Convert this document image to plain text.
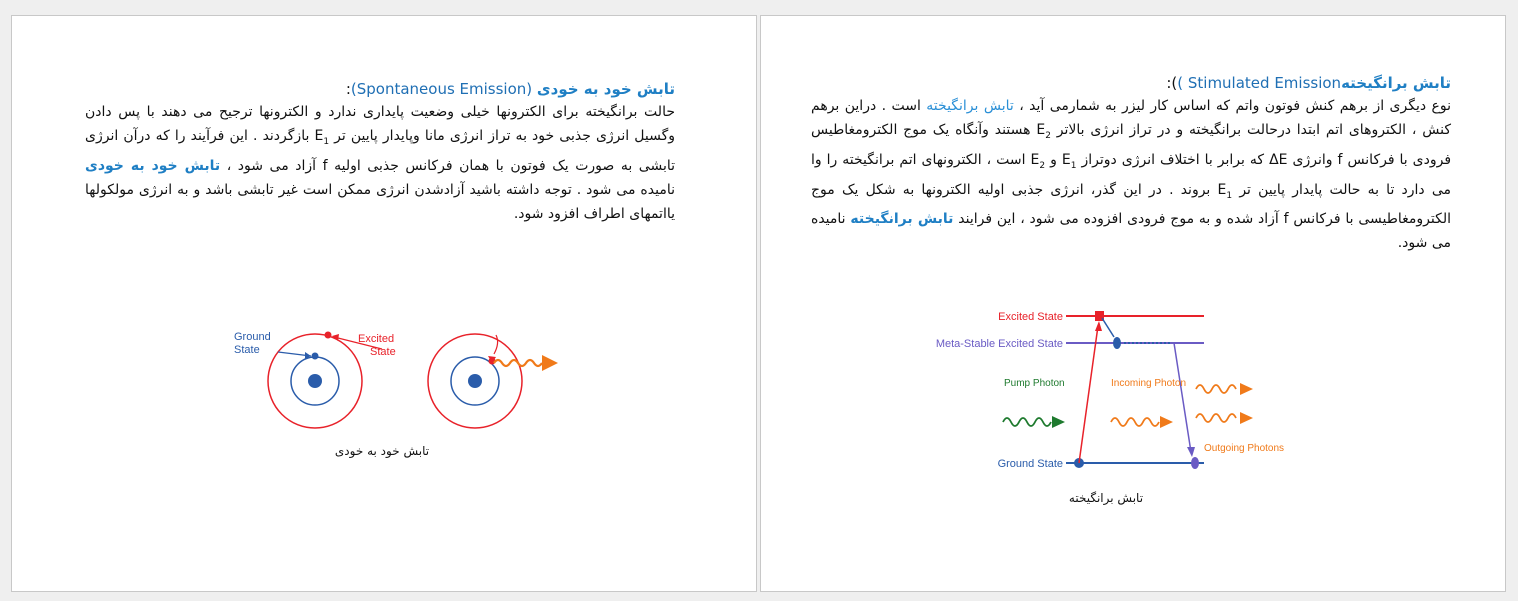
تابش خود به خودی (Spontaneous Emission):

حالت برانگیخته برای الکترونها خیلی وضعیت پایداری ندارد و الکترونها ترجیح می دهند با پس دادن وگسیل انرژی جذبی خود به تراز انرژی مانا وپایدار پایین تر $E_1$ بازگردند . این فرآیند را که درآن انرژی تابشی به صورت یک فوتون با همان فرکانس جذبی اولیه f آزاد می شود ، تابش خود به خودی نامیده می شود . توجه داشته باشید آزادشدن انرژی ممکن است غیر تابشی باشد و به انرژی مولکولها یااتمهای اطراف افزود شود.

Ground
State
Excited
State
تابش خود به خودی

تابش برانگیخته( Stimulated Emission):

نوع دیگری از برهم کنش فوتون واتم که اساس کار لیزر به شمارمی آید ، تابش برانگیخته است . دراین برهم کنش ، الکتروهای اتم ابتدا درحالت برانگیخته و در تراز انرژی بالاتر $E_2$ هستند وآنگاه یک موج الکترومغاطیس فرودی با فرکانس f وانرژی ΔE که برابر با اختلاف انرژی دوتراز $E_1$ و $E_2$ است ، الکترونهای اتم برانگیخته را وا می دارد تا به حالت پایدار پایین تر $E_1$ بروند . در این گذر، انرژی جذبی اولیه الکترونها به شکل یک موج الکترومغاطیسی با فرکانس f آزاد شده و به موج فرودی افزوده می شود ، این فرایند تابش برانگیخته نامیده می شود.

Excited State
Meta-Stable Excited State
Ground State
Pump Photon	Incoming Photon
Outgoing Photons
تابش برانگیخته
